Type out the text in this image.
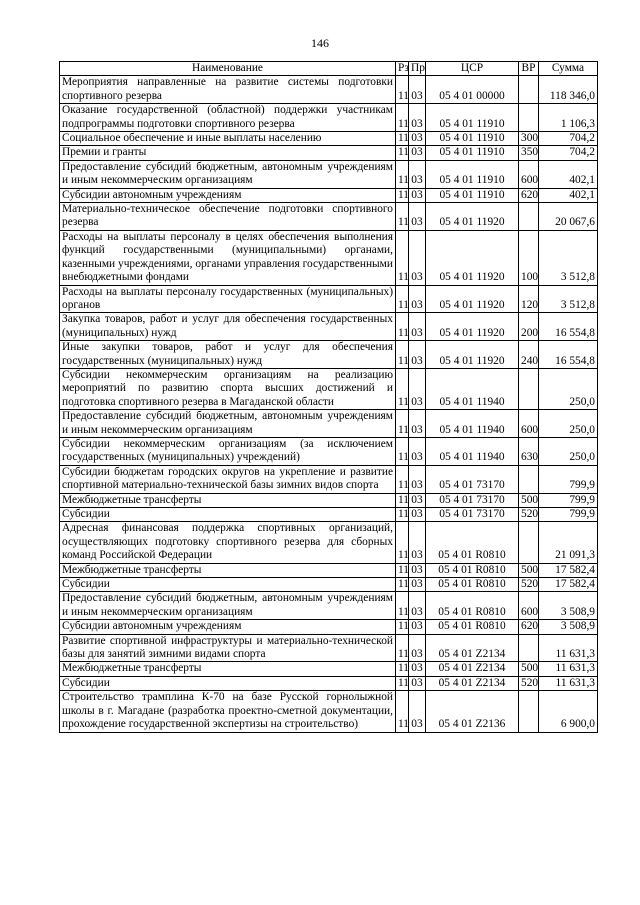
146
Наименование	Рз	Пр	ЦСР	ВР	Сумма
Мероприятия направленные на развитие системы подготовки спортивного резерва	11	03	05 4 01 00000		118 346,0
Оказание государственной (областной) поддержки участникам подпрограммы подготовки спортивного резерва	11	03	05 4 01 11910		1 106,3
Социальное обеспечение и иные выплаты населению	11	03	05 4 01 11910	300	704,2
Премии и гранты	11	03	05 4 01 11910	350	704,2
Предоставление субсидий бюджетным, автономным учреждениям и иным некоммерческим организациям	11	03	05 4 01 11910	600	402,1
Субсидии автономным учреждениям	11	03	05 4 01 11910	620	402,1
Материально-техническое обеспечение подготовки спортивного резерва	11	03	05 4 01 11920		20 067,6
Расходы на выплаты персоналу в целях обеспечения выполнения функций государственными (муниципальными) органами, казенными учреждениями, органами управления государственными внебюджетными фондами	11	03	05 4 01 11920	100	3 512,8
Расходы на выплаты персоналу государственных (муниципальных) органов	11	03	05 4 01 11920	120	3 512,8
Закупка товаров, работ и услуг для обеспечения государственных (муниципальных) нужд	11	03	05 4 01 11920	200	16 554,8
Иные закупки товаров, работ и услуг для обеспечения государственных (муниципальных) нужд	11	03	05 4 01 11920	240	16 554,8
Субсидии некоммерческим организациям на реализацию мероприятий по развитию спорта высших достижений и подготовка спортивного резерва в Магаданской области	11	03	05 4 01 11940		250,0
Предоставление субсидий бюджетным, автономным учреждениям и иным некоммерческим организациям	11	03	05 4 01 11940	600	250,0
Субсидии некоммерческим организациям (за исключением государственных (муниципальных) учреждений)	11	03	05 4 01 11940	630	250,0
Субсидии бюджетам городских округов на укрепление и развитие спортивной материально-технической базы зимних видов спорта	11	03	05 4 01 73170		799,9
Межбюджетные трансферты	11	03	05 4 01 73170	500	799,9
Субсидии	11	03	05 4 01 73170	520	799,9
Адресная финансовая поддержка спортивных организаций, осуществляющих подготовку спортивного резерва для сборных команд Российской Федерации	11	03	05 4 01 R0810		21 091,3
Межбюджетные трансферты	11	03	05 4 01 R0810	500	17 582,4
Субсидии	11	03	05 4 01 R0810	520	17 582,4
Предоставление субсидий бюджетным, автономным учреждениям и иным некоммерческим организациям	11	03	05 4 01 R0810	600	3 508,9
Субсидии автономным учреждениям	11	03	05 4 01 R0810	620	3 508,9
Развитие спортивной инфраструктуры и материально-технической базы для занятий зимними видами спорта	11	03	05 4 01 Z2134		11 631,3
Межбюджетные трансферты	11	03	05 4 01 Z2134	500	11 631,3
Субсидии	11	03	05 4 01 Z2134	520	11 631,3
Строительство трамплина К-70 на базе Русской горнолыжной школы в г. Магадане (разработка проектно-сметной документации, прохождение государственной экспертизы на строительство)	11	03	05 4 01 Z2136		6 900,0
